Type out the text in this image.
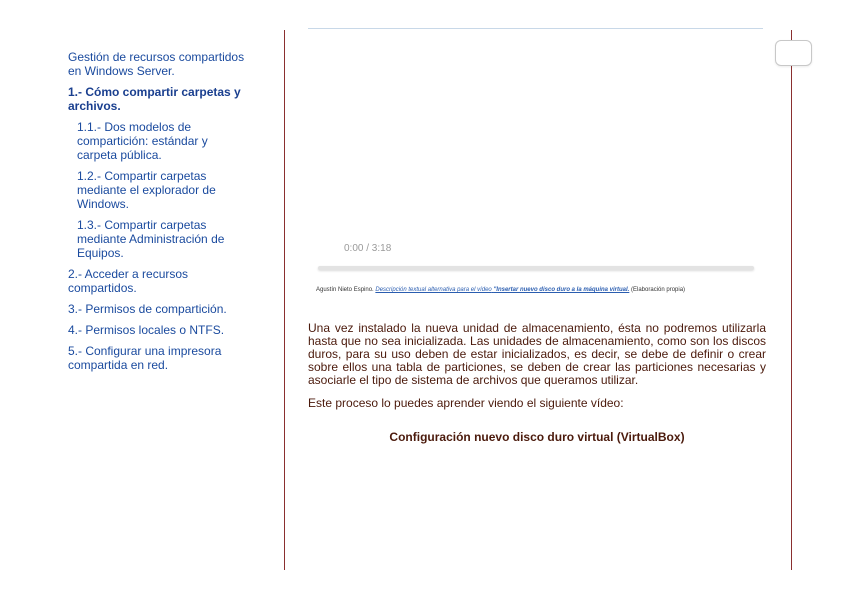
Gestión de recursos compartidos en Windows Server.
1.- Cómo compartir carpetas y archivos.
1.1.- Dos modelos de compartición: estándar y carpeta pública.
1.2.- Compartir carpetas mediante el explorador de Windows.
1.3.- Compartir carpetas mediante Administración de Equipos.
2.- Acceder a recursos compartidos.
3.- Permisos de compartición.
4.- Permisos locales o NTFS.
5.- Configurar una impresora compartida en red.
0:00 / 3:18
Agustín Nieto Espino. Descripción textual alternativa para el vídeo "Insertar nuevo disco duro a la máquina virtual. (Elaboración propia)

Una vez instalado la nueva unidad de almacenamiento, ésta no podremos utilizarla hasta que no sea inicializada. Las unidades de almacenamiento, como son los discos duros, para su uso deben de estar inicializados, es decir, se debe de definir o crear sobre ellos una tabla de particiones, se deben de crear las particiones necesarias y asociarle el tipo de sistema de archivos que queramos utilizar.

Este proceso lo puedes aprender viendo el siguiente vídeo:

Configuración nuevo disco duro virtual (VirtualBox)
